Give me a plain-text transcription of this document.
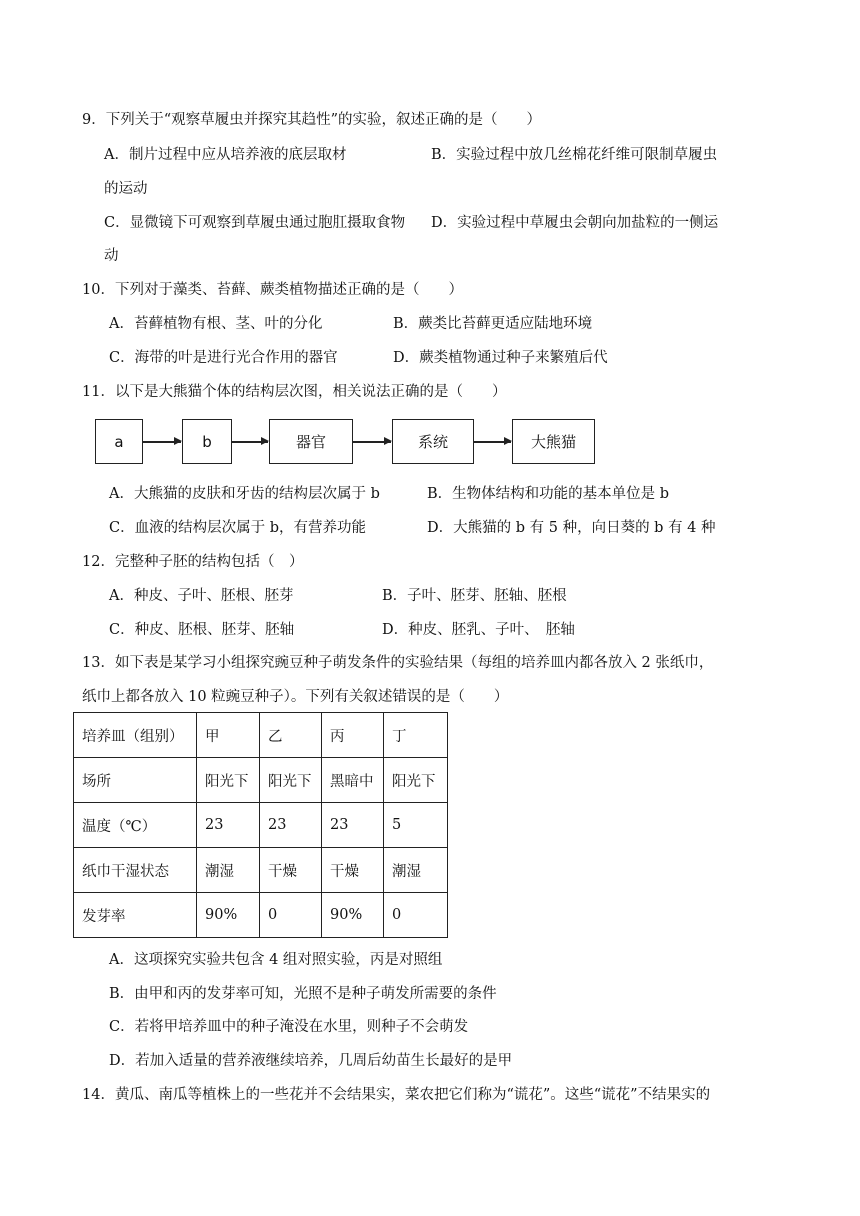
9．下列关于“观察草履虫并探究其趋性”的实验，叙述正确的是（　　）
A．制片过程中应从培养液的底层取材	B．实验过程中放几丝棉花纤维可限制草履虫
的运动
C．显微镜下可观察到草履虫通过胞肛摄取食物 D．实验过程中草履虫会朝向加盐粒的一侧运
动
10．下列对于藻类、苔藓、蕨类植物描述正确的是（　　）
A．苔藓植物有根、茎、叶的分化	B．蕨类比苔藓更适应陆地环境
C．海带的叶是进行光合作用的器官	D．蕨类植物通过种子来繁殖后代
11．以下是大熊猫个体的结构层次图，相关说法正确的是（　　）
a	b	器官	系统	大熊猫
A．大熊猫的皮肤和牙齿的结构层次属于 b	B．生物体结构和功能的基本单位是 b
C．血液的结构层次属于 b，有营养功能	D．大熊猫的 b 有 5 种，向日葵的 b 有 4 种
12．完整种子胚的结构包括（　）
A．种皮、子叶、胚根、胚芽	B．子叶、胚芽、胚轴、胚根
C．种皮、胚根、胚芽、胚轴	D．种皮、胚乳、子叶、　胚轴
13．如下表是某学习小组探究豌豆种子萌发条件的实验结果（每组的培养皿内都各放入 2 张纸巾，
纸巾上都各放入 10 粒豌豆种子）。下列有关叙述错误的是（　　）
培养皿（组别）	甲	乙	丙	丁
场所	阳光下	阳光下	黑暗中	阳光下
温度（℃）	23	23	23	5
纸巾干湿状态	潮湿	干燥	干燥	潮湿
发芽率	90%	0	90%	0
A．这项探究实验共包含 4 组对照实验，丙是对照组
B．由甲和丙的发芽率可知，光照不是种子萌发所需要的条件
C．若将甲培养皿中的种子淹没在水里，则种子不会萌发
D．若加入适量的营养液继续培养，几周后幼苗生长最好的是甲
14．黄瓜、南瓜等植株上的一些花并不会结果实，菜农把它们称为“谎花”。这些“谎花”不结果实的
